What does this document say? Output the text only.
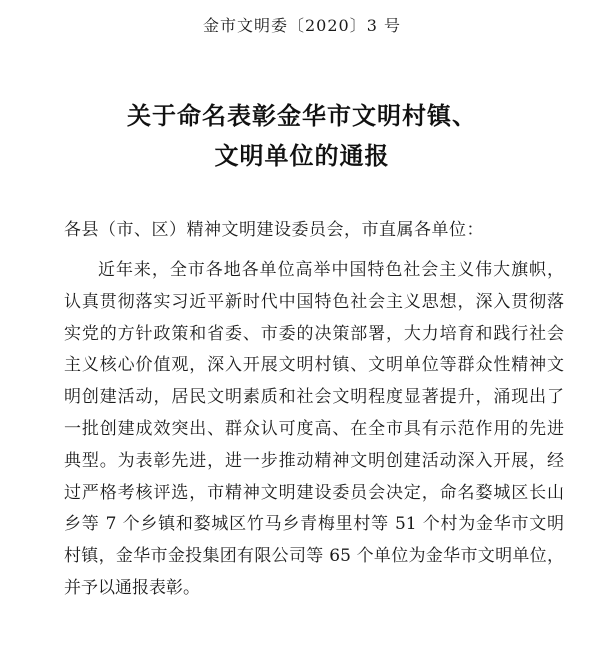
金市文明委〔2020〕3 号
关于命名表彰金华市文明村镇、
文明单位的通报
各县（市、区）精神文明建设委员会，市直属各单位：
近年来，全市各地各单位高举中国特色社会主义伟大旗帜，
认真贯彻落实习近平新时代中国特色社会主义思想，深入贯彻落
实党的方针政策和省委、市委的决策部署，大力培育和践行社会
主义核心价值观，深入开展文明村镇、文明单位等群众性精神文
明创建活动，居民文明素质和社会文明程度显著提升，涌现出了
一批创建成效突出、群众认可度高、在全市具有示范作用的先进
典型。为表彰先进，进一步推动精神文明创建活动深入开展，经
过严格考核评选，市精神文明建设委员会决定，命名婺城区长山
乡等 7 个乡镇和婺城区竹马乡青梅里村等 51 个村为金华市文明
村镇，金华市金投集团有限公司等 65 个单位为金华市文明单位，
并予以通报表彰。
